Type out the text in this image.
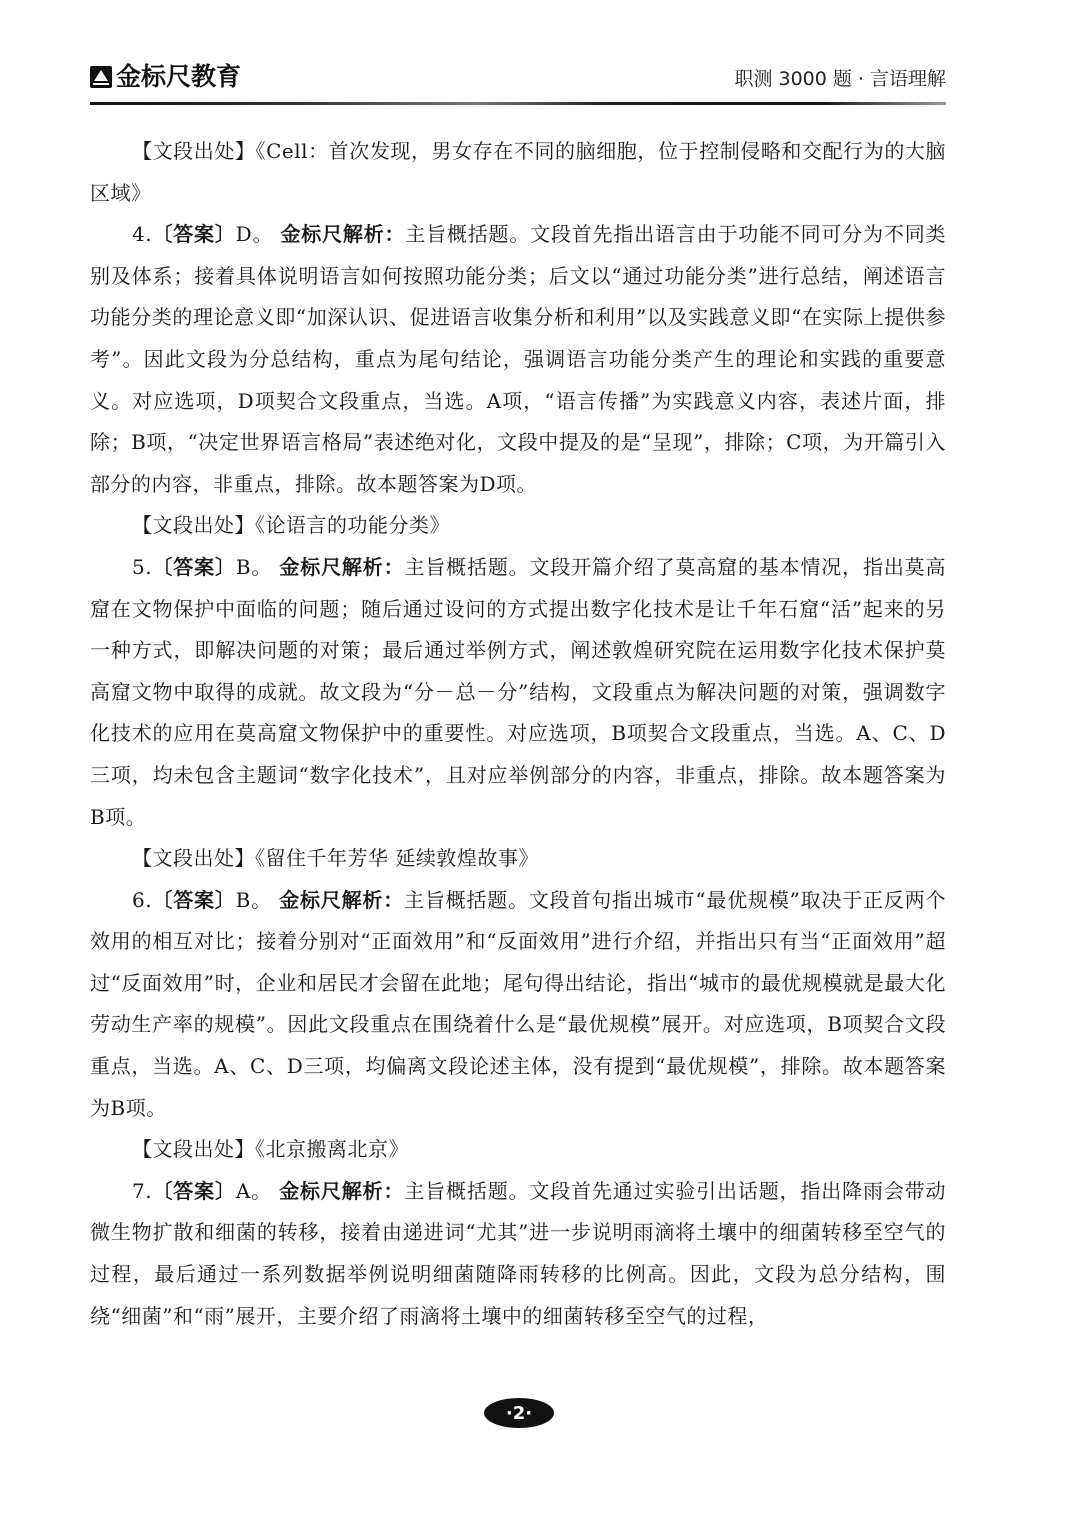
金标尺教育	职测 3000 题 · 言语理解

【文段出处】《Cell：首次发现，男女存在不同的脑细胞，位于控制侵略和交配行为的大脑区域》

4.〔答案〕D。 金标尺解析：主旨概括题。文段首先指出语言由于功能不同可分为不同类别及体系；接着具体说明语言如何按照功能分类；后文以“通过功能分类”进行总结，阐述语言功能分类的理论意义即“加深认识、促进语言收集分析和利用”以及实践意义即“在实际上提供参考”。因此文段为分总结构，重点为尾句结论，强调语言功能分类产生的理论和实践的重要意义。对应选项，D项契合文段重点，当选。A项，“语言传播”为实践意义内容，表述片面，排除；B项，“决定世界语言格局”表述绝对化，文段中提及的是“呈现”，排除；C项，为开篇引入部分的内容，非重点，排除。故本题答案为D项。

【文段出处】《论语言的功能分类》

5.〔答案〕B。 金标尺解析：主旨概括题。文段开篇介绍了莫高窟的基本情况，指出莫高窟在文物保护中面临的问题；随后通过设问的方式提出数字化技术是让千年石窟“活”起来的另一种方式，即解决问题的对策；最后通过举例方式，阐述敦煌研究院在运用数字化技术保护莫高窟文物中取得的成就。故文段为“分－总－分”结构，文段重点为解决问题的对策，强调数字化技术的应用在莫高窟文物保护中的重要性。对应选项，B项契合文段重点，当选。A、C、D三项，均未包含主题词“数字化技术”，且对应举例部分的内容，非重点，排除。故本题答案为B项。

【文段出处】《留住千年芳华 延续敦煌故事》

6.〔答案〕B。 金标尺解析：主旨概括题。文段首句指出城市“最优规模”取决于正反两个效用的相互对比；接着分别对“正面效用”和“反面效用”进行介绍，并指出只有当“正面效用”超过“反面效用”时，企业和居民才会留在此地；尾句得出结论，指出“城市的最优规模就是最大化劳动生产率的规模”。因此文段重点在围绕着什么是“最优规模”展开。对应选项，B项契合文段重点，当选。A、C、D三项，均偏离文段论述主体，没有提到“最优规模”，排除。故本题答案为B项。

【文段出处】《北京搬离北京》

7.〔答案〕A。 金标尺解析：主旨概括题。文段首先通过实验引出话题，指出降雨会带动微生物扩散和细菌的转移，接着由递进词“尤其”进一步说明雨滴将土壤中的细菌转移至空气的过程，最后通过一系列数据举例说明细菌随降雨转移的比例高。因此，文段为总分结构，围绕“细菌”和“雨”展开，主要介绍了雨滴将土壤中的细菌转移至空气的过程，

·2·
